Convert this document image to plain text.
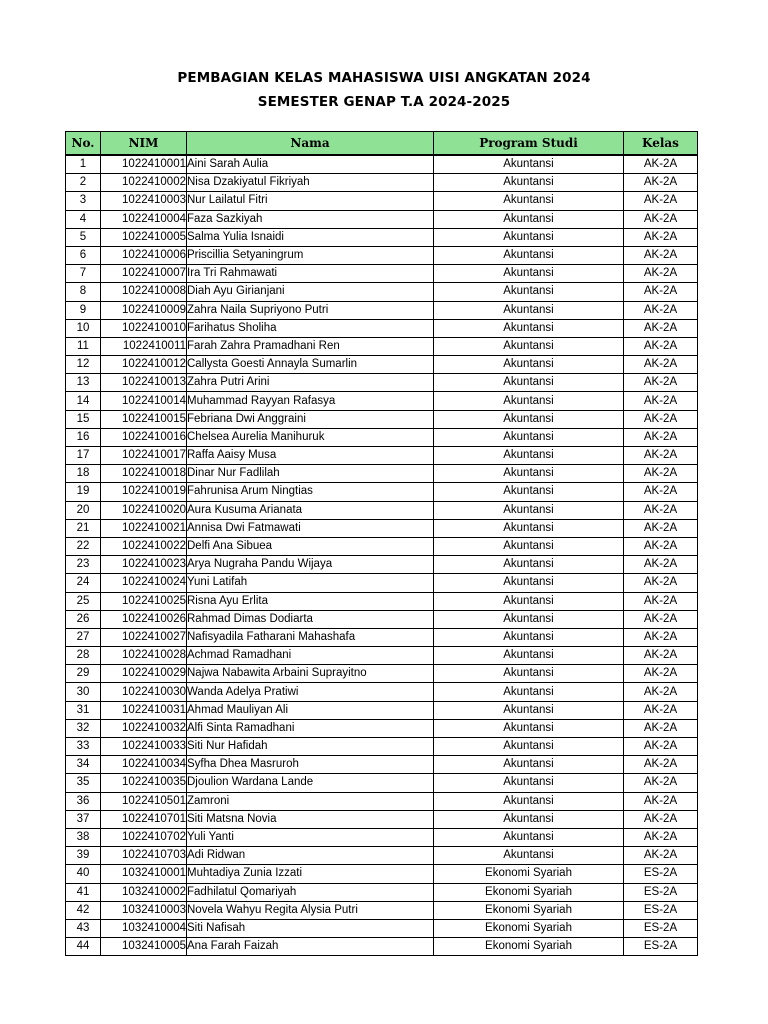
PEMBAGIAN KELAS MAHASISWA UISI ANGKATAN 2024
SEMESTER GENAP T.A 2024-2025
No.	NIM	Nama	Program Studi	Kelas
1	1022410001	Aini Sarah Aulia	Akuntansi	AK-2A
2	1022410002	Nisa Dzakiyatul Fikriyah	Akuntansi	AK-2A
3	1022410003	Nur Lailatul Fitri	Akuntansi	AK-2A
4	1022410004	Faza Sazkiyah	Akuntansi	AK-2A
5	1022410005	Salma Yulia Isnaidi	Akuntansi	AK-2A
6	1022410006	Priscillia Setyaningrum	Akuntansi	AK-2A
7	1022410007	Ira Tri Rahmawati	Akuntansi	AK-2A
8	1022410008	Diah Ayu Girianjani	Akuntansi	AK-2A
9	1022410009	Zahra Naila Supriyono Putri	Akuntansi	AK-2A
10	1022410010	Farihatus Sholiha	Akuntansi	AK-2A
11	1022410011	Farah Zahra Pramadhani Ren	Akuntansi	AK-2A
12	1022410012	Callysta Goesti Annayla Sumarlin	Akuntansi	AK-2A
13	1022410013	Zahra Putri Arini	Akuntansi	AK-2A
14	1022410014	Muhammad Rayyan Rafasya	Akuntansi	AK-2A
15	1022410015	Febriana Dwi Anggraini	Akuntansi	AK-2A
16	1022410016	Chelsea Aurelia Manihuruk	Akuntansi	AK-2A
17	1022410017	Raffa Aaisy Musa	Akuntansi	AK-2A
18	1022410018	Dinar Nur Fadlilah	Akuntansi	AK-2A
19	1022410019	Fahrunisa Arum Ningtias	Akuntansi	AK-2A
20	1022410020	Aura Kusuma Arianata	Akuntansi	AK-2A
21	1022410021	Annisa Dwi Fatmawati	Akuntansi	AK-2A
22	1022410022	Delfi Ana Sibuea	Akuntansi	AK-2A
23	1022410023	Arya Nugraha Pandu Wijaya	Akuntansi	AK-2A
24	1022410024	Yuni Latifah	Akuntansi	AK-2A
25	1022410025	Risna Ayu Erlita	Akuntansi	AK-2A
26	1022410026	Rahmad Dimas Dodiarta	Akuntansi	AK-2A
27	1022410027	Nafisyadila Fatharani Mahashafa	Akuntansi	AK-2A
28	1022410028	Achmad Ramadhani	Akuntansi	AK-2A
29	1022410029	Najwa Nabawita Arbaini Suprayitno	Akuntansi	AK-2A
30	1022410030	Wanda Adelya Pratiwi	Akuntansi	AK-2A
31	1022410031	Ahmad Mauliyan Ali	Akuntansi	AK-2A
32	1022410032	Alfi Sinta Ramadhani	Akuntansi	AK-2A
33	1022410033	Siti Nur Hafidah	Akuntansi	AK-2A
34	1022410034	Syfha Dhea Masruroh	Akuntansi	AK-2A
35	1022410035	Djoulion Wardana Lande	Akuntansi	AK-2A
36	1022410501	Zamroni	Akuntansi	AK-2A
37	1022410701	Siti Matsna Novia	Akuntansi	AK-2A
38	1022410702	Yuli Yanti	Akuntansi	AK-2A
39	1022410703	Adi Ridwan	Akuntansi	AK-2A
40	1032410001	Muhtadiya Zunia Izzati	Ekonomi Syariah	ES-2A
41	1032410002	Fadhilatul Qomariyah	Ekonomi Syariah	ES-2A
42	1032410003	Novela Wahyu Regita Alysia Putri	Ekonomi Syariah	ES-2A
43	1032410004	Siti Nafisah	Ekonomi Syariah	ES-2A
44	1032410005	Ana Farah Faizah	Ekonomi Syariah	ES-2A
